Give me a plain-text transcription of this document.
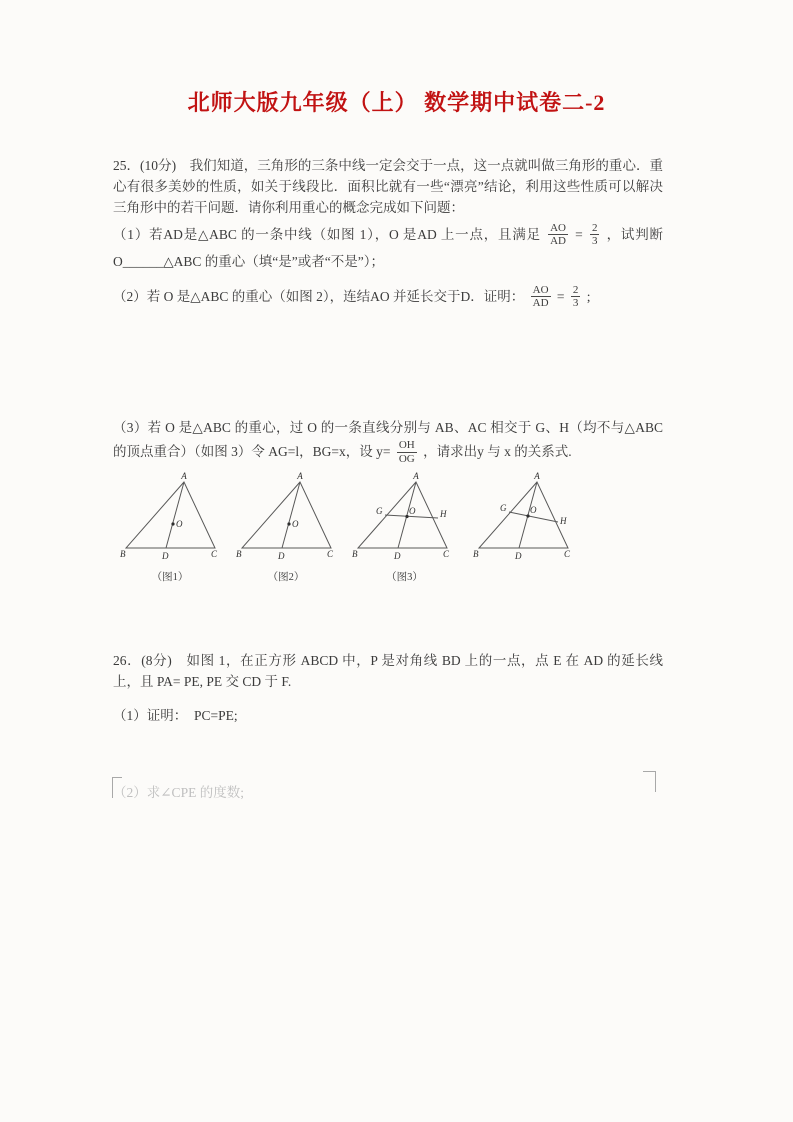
北师大版九年级（上） 数学期中试卷二-2

25．(10分)　我们知道，三角形的三条中线一定会交于一点，这一点就叫做三角形的重心．重心有很多美妙的性质，如关于线段比．面积比就有一些“漂亮”结论，利用这些性质可以解决三角形中的若干问题．请你利用重心的概念完成如下问题：

（1）若AD是△ABC 的一条中线（如图 1），O 是AD 上一点，且满足 $\frac{AO}{AD} = \frac{2}{3}$ ，试判断 O______△ABC 的重心（填“是”或者“不是”）；

（2）若 O 是△ABC 的重心（如图 2），连结AO 并延长交于D．证明： $\frac{AO}{AD} = \frac{2}{3}$ ;

（3）若 O 是△ABC 的重心，过 O 的一条直线分别与 AB、AC 相交于 G、H（均不与△ABC 的顶点重合）（如图 3）令 AG=l，BG=x，设 $y= \frac{OH}{OG}$ ，请求出y 与 x 的关系式.

A
B	C
D
O
（图1）
A
B	C
D
O
（图2）
A
G	H
O
B	C
D
（图3）
A
G
H
O
B	C
D

26．(8分)　如图 1，在正方形 ABCD 中，P 是对角线 BD 上的一点，点 E 在 AD 的延长线上，且 PA= PE, PE 交 CD 于 F.

（1）证明：　PC=PE;

（2）求∠CPE 的度数;
